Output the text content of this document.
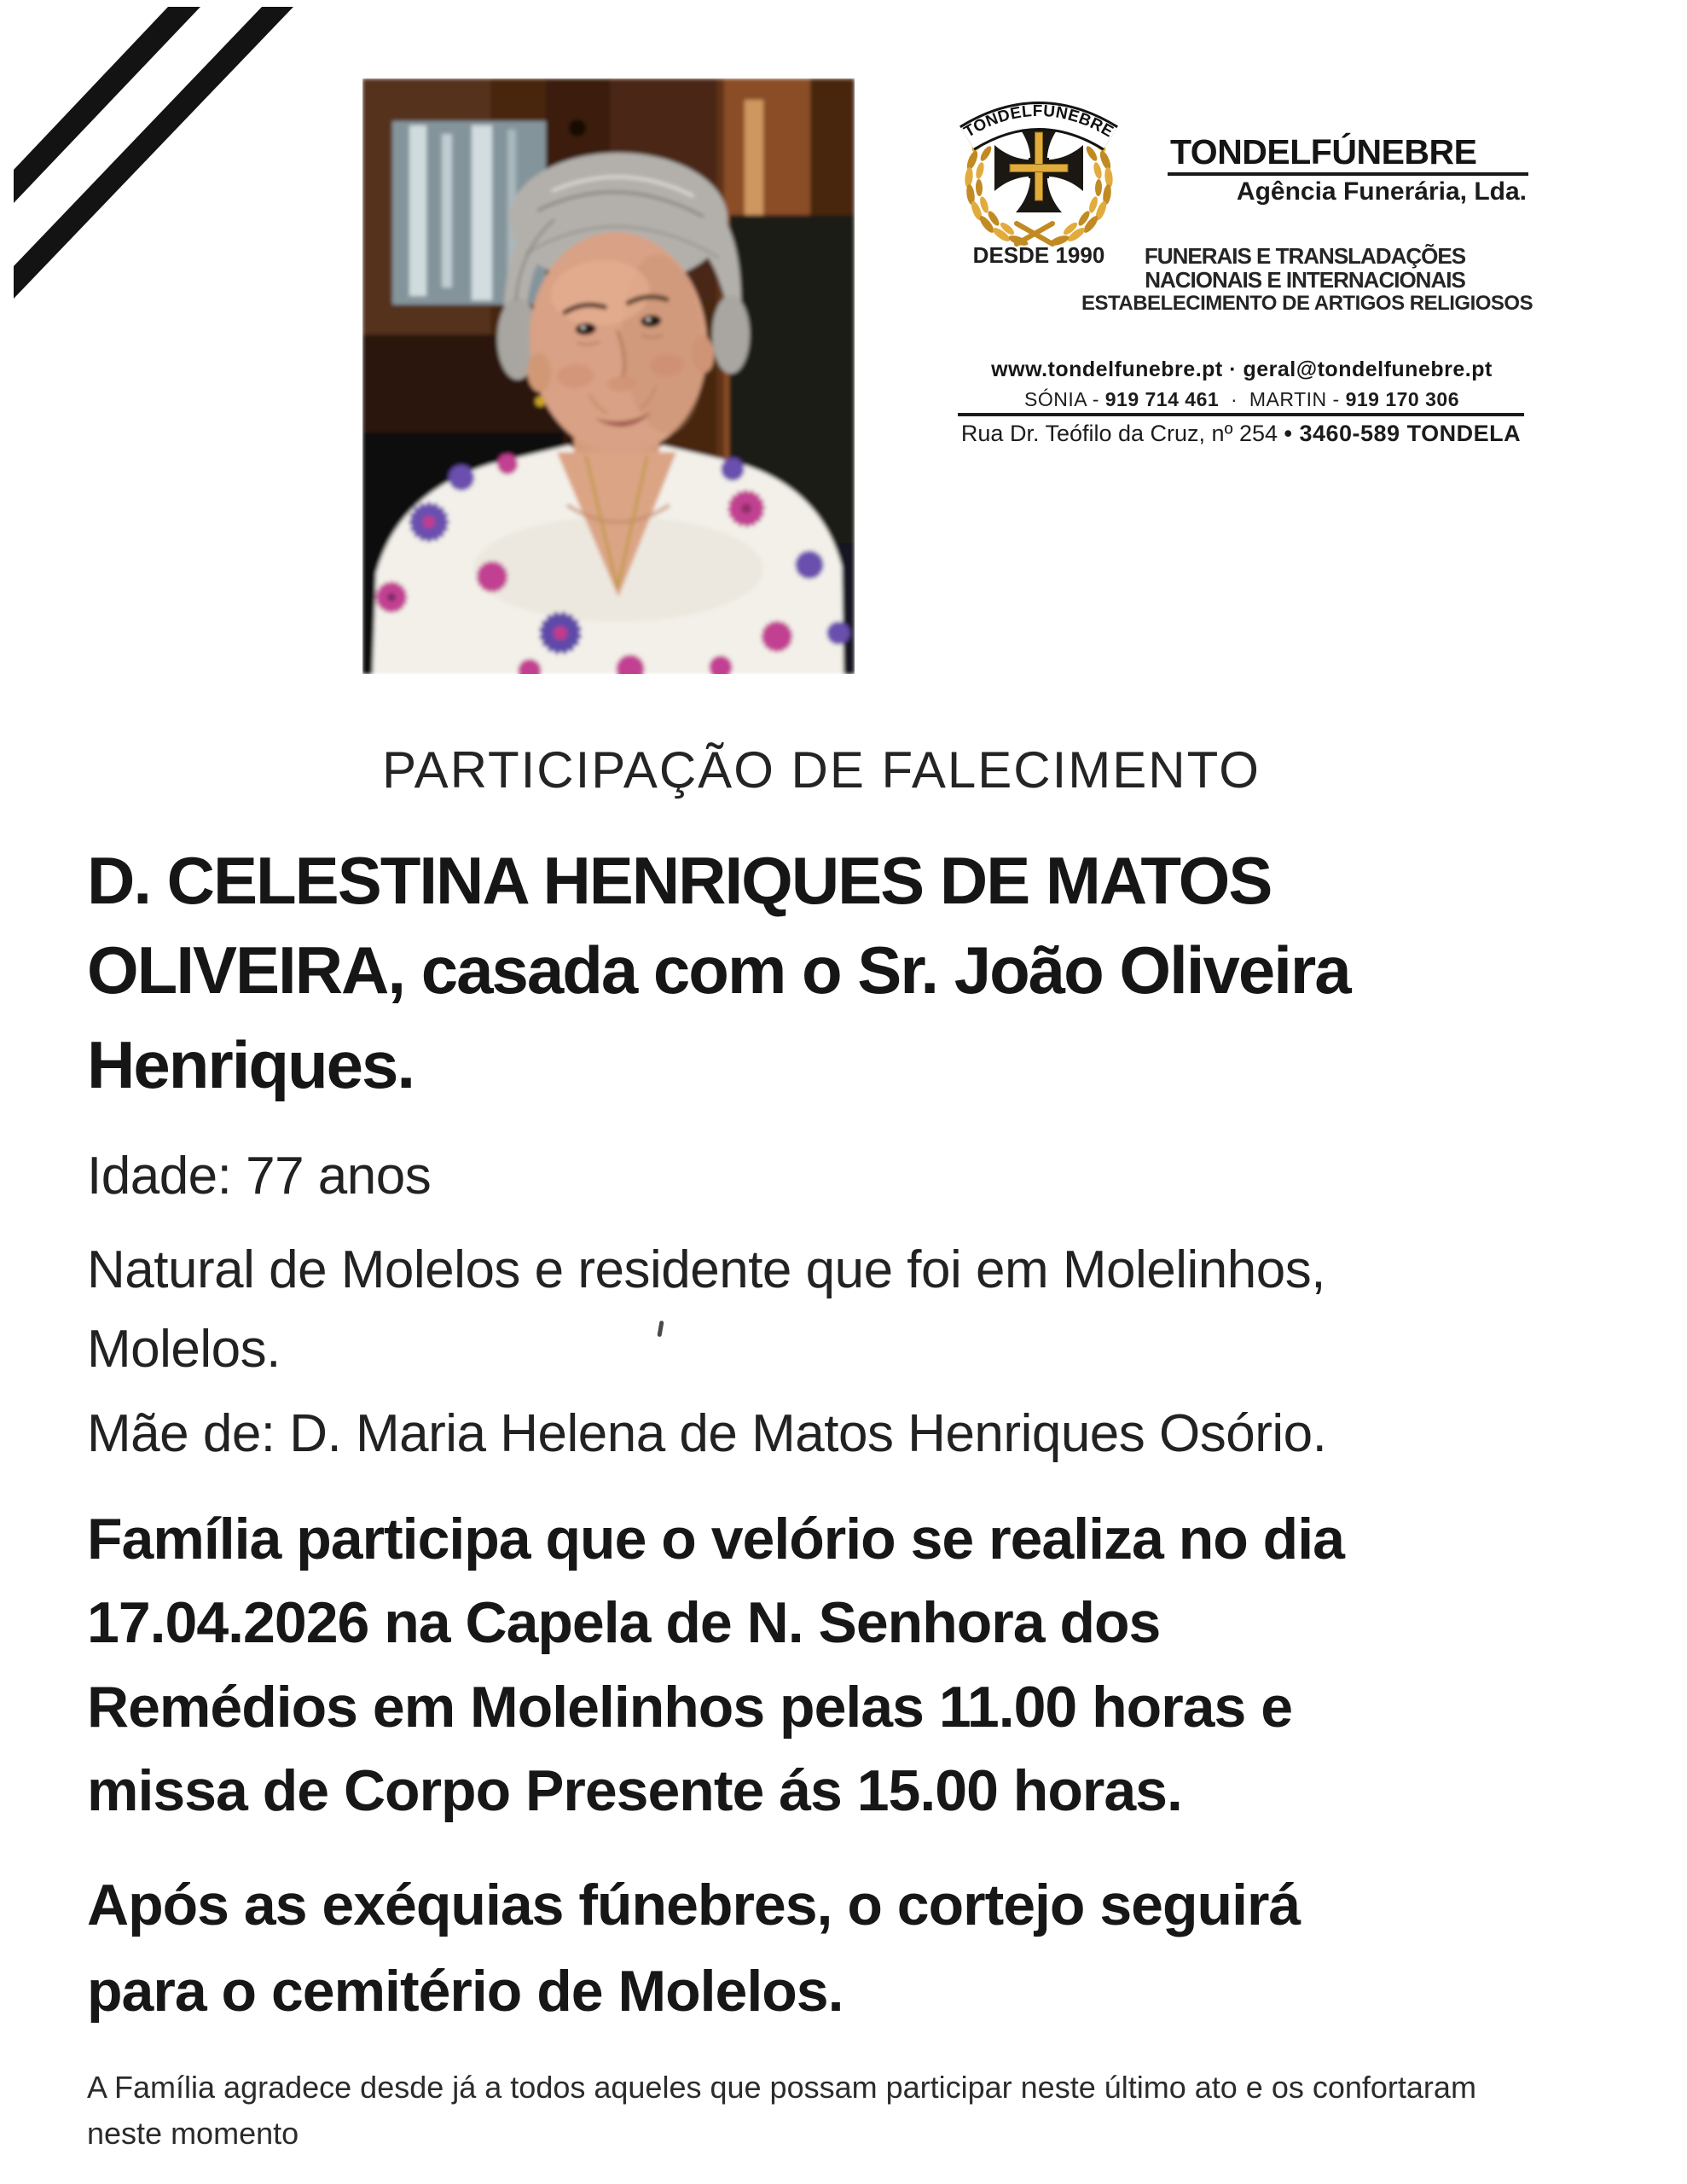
TONDELFÚNEBRE
DESDE 1990
TONDELFÚNEBRE
Agência Funerária, Lda.
FUNERAIS E TRANSLADAÇÕES
NACIONAIS E INTERNACIONAIS
ESTABELECIMENTO DE ARTIGOS RELIGIOSOS
www.tondelfunebre.pt · geral@tondelfunebre.pt
SÓNIA - 919 714 461 · MARTIN - 919 170 306
Rua Dr. Teófilo da Cruz, nº 254 • 3460-589 TONDELA
PARTICIPAÇÃO DE FALECIMENTO
D. CELESTINA HENRIQUES DE MATOS
OLIVEIRA, casada com o Sr. João Oliveira
Henriques.
Idade: 77 anos
Natural de Molelos e residente que foi em Molelinhos,
Molelos.
Mãe de: D. Maria Helena de Matos Henriques Osório.
Família participa que o velório se realiza no dia
17.04.2026 na Capela de N. Senhora dos
Remédios em Molelinhos pelas 11.00 horas e
missa de Corpo Presente ás 15.00 horas.
Após as exéquias fúnebres, o cortejo seguirá
para o cemitério de Molelos.
A Família agradece desde já a todos aqueles que possam participar neste último ato e os confortaram
neste momento
